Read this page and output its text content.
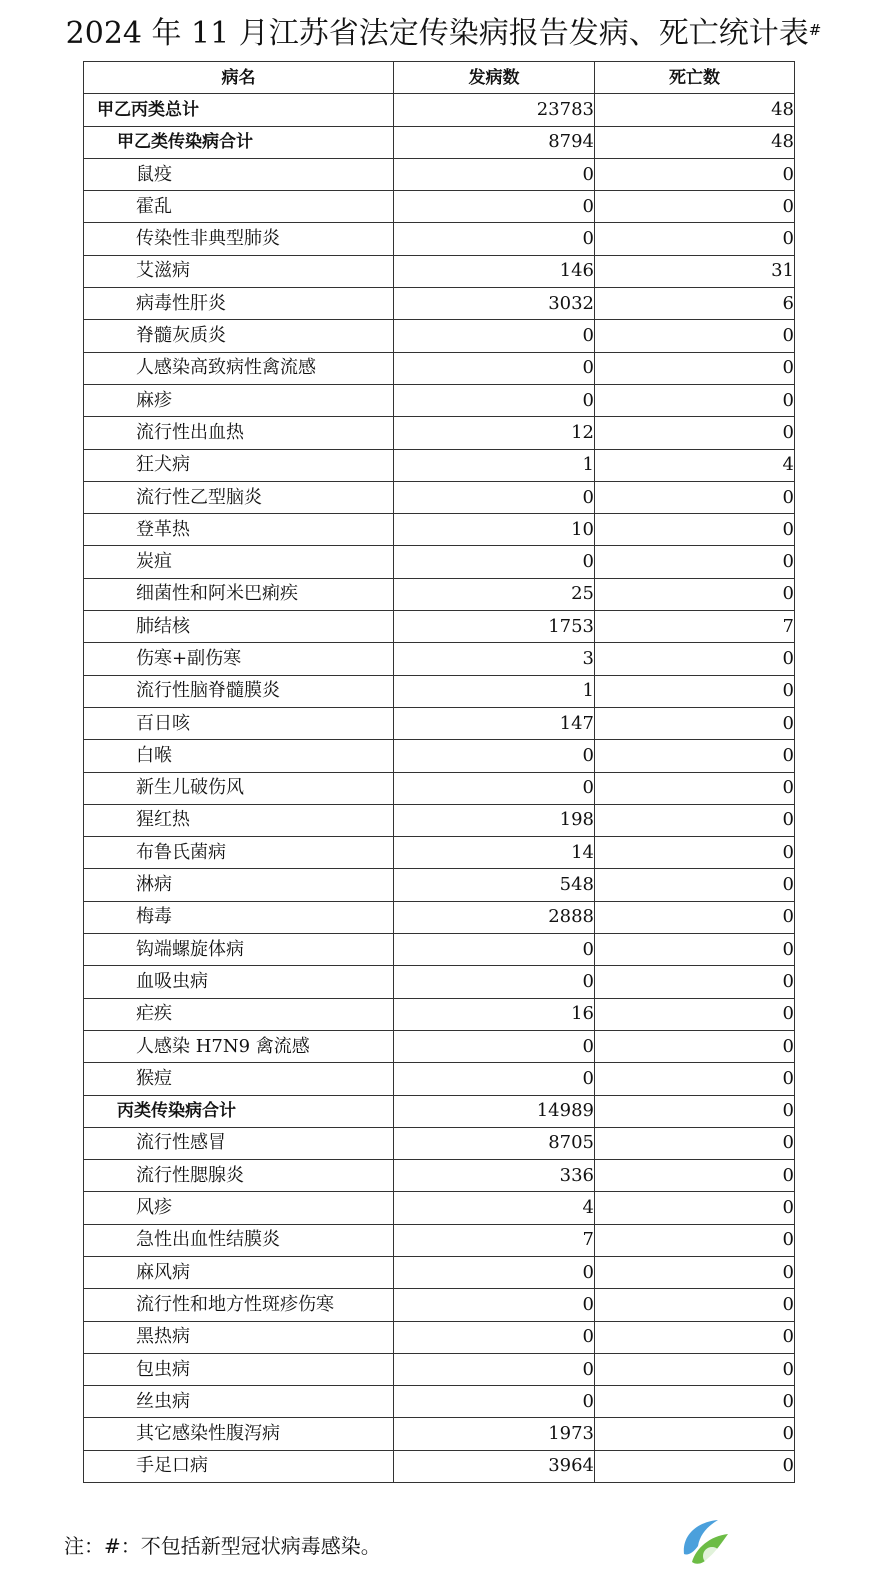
2024 年 11 月江苏省法定传染病报告发病、死亡统计表#
病名	发病数	死亡数
甲乙丙类总计	23783	48
甲乙类传染病合计	8794	48
鼠疫	0	0
霍乱	0	0
传染性非典型肺炎	0	0
艾滋病	146	31
病毒性肝炎	3032	6
脊髓灰质炎	0	0
人感染高致病性禽流感	0	0
麻疹	0	0
流行性出血热	12	0
狂犬病	1	4
流行性乙型脑炎	0	0
登革热	10	0
炭疽	0	0
细菌性和阿米巴痢疾	25	0
肺结核	1753	7
伤寒+副伤寒	3	0
流行性脑脊髓膜炎	1	0
百日咳	147	0
白喉	0	0
新生儿破伤风	0	0
猩红热	198	0
布鲁氏菌病	14	0
淋病	548	0
梅毒	2888	0
钩端螺旋体病	0	0
血吸虫病	0	0
疟疾	16	0
人感染 H7N9 禽流感	0	0
猴痘	0	0
丙类传染病合计	14989	0
流行性感冒	8705	0
流行性腮腺炎	336	0
风疹	4	0
急性出血性结膜炎	7	0
麻风病	0	0
流行性和地方性斑疹伤寒	0	0
黑热病	0	0
包虫病	0	0
丝虫病	0	0
其它感染性腹泻病	1973	0
手足口病	3964	0
注：#：不包括新型冠状病毒感染。
